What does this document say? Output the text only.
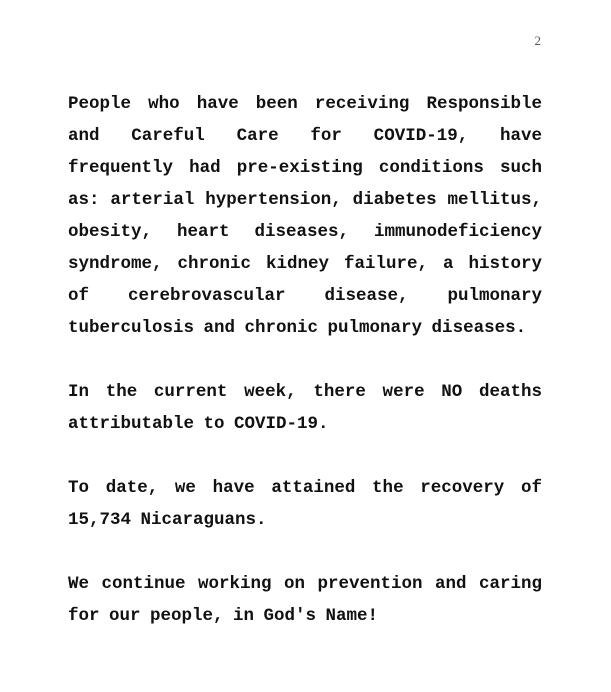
2

People who have been receiving Responsible and Careful Care for COVID-19, have frequently had pre-existing conditions such as: arterial hypertension, diabetes mellitus, obesity, heart diseases, immunodeficiency syndrome, chronic kidney failure, a history of cerebrovascular disease, pulmonary tuberculosis and chronic pulmonary diseases.

In the current week, there were NO deaths attributable to COVID-19.

To date, we have attained the recovery of 15,734 Nicaraguans.

We continue working on prevention and caring for our people, in God's Name!
